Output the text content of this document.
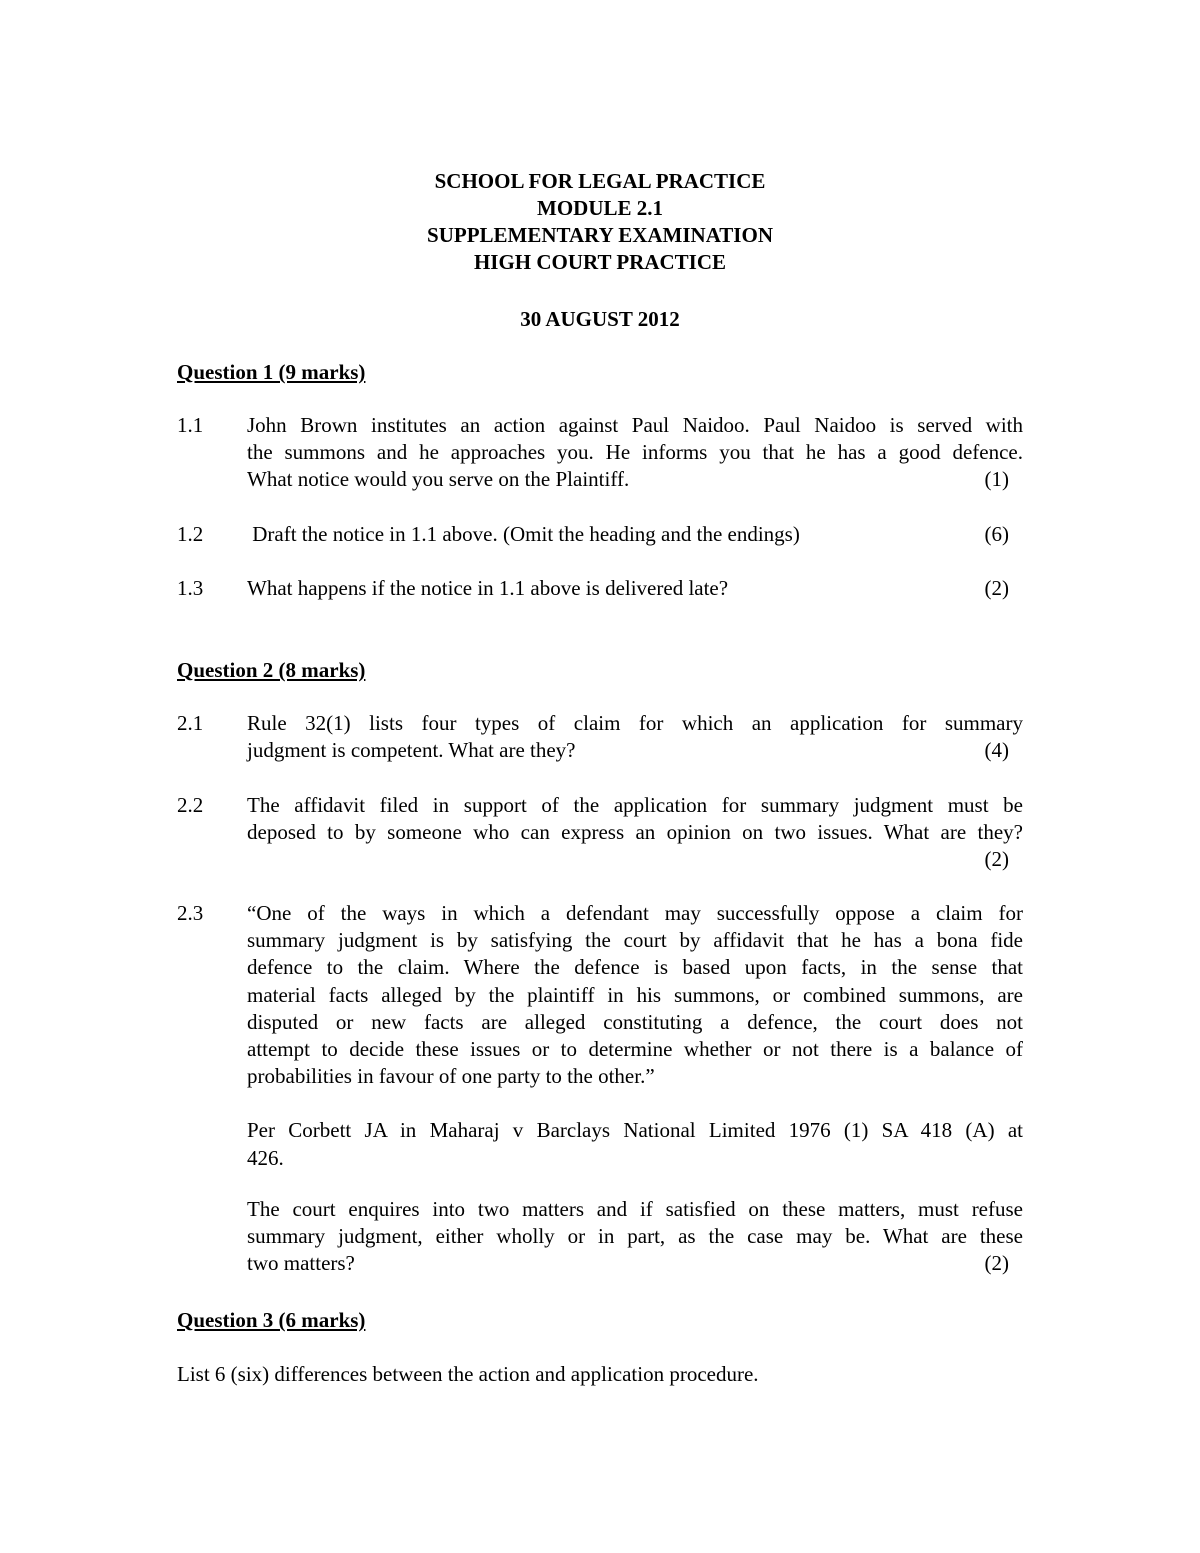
SCHOOL FOR LEGAL PRACTICE
MODULE 2.1
SUPPLEMENTARY EXAMINATION
HIGH COURT PRACTICE
30 AUGUST 2012
Question 1 (9 marks)
1.1 John Brown institutes an action against Paul Naidoo. Paul Naidoo is served with
the summons and he approaches you. He informs you that he has a good defence.
What notice would you serve on the Plaintiff.	(1)
1.2 Draft the notice in 1.1 above. (Omit the heading and the endings)	(6)
1.3 What happens if the notice in 1.1 above is delivered late?	(2)
Question 2 (8 marks)
2.1 Rule 32(1) lists four types of claim for which an application for summary
judgment is competent. What are they?	(4)
2.2 The affidavit filed in support of the application for summary judgment must be
deposed to by someone who can express an opinion on two issues. What are they?
(2)
2.3 “One of the ways in which a defendant may successfully oppose a claim for
summary judgment is by satisfying the court by affidavit that he has a bona fide
defence to the claim. Where the defence is based upon facts, in the sense that
material facts alleged by the plaintiff in his summons, or combined summons, are
disputed or new facts are alleged constituting a defence, the court does not
attempt to decide these issues or to determine whether or not there is a balance of
probabilities in favour of one party to the other.”
Per Corbett JA in Maharaj v Barclays National Limited 1976 (1) SA 418 (A) at
426.
The court enquires into two matters and if satisfied on these matters, must refuse
summary judgment, either wholly or in part, as the case may be. What are these
two matters?	(2)
Question 3 (6 marks)
List 6 (six) differences between the action and application procedure.
